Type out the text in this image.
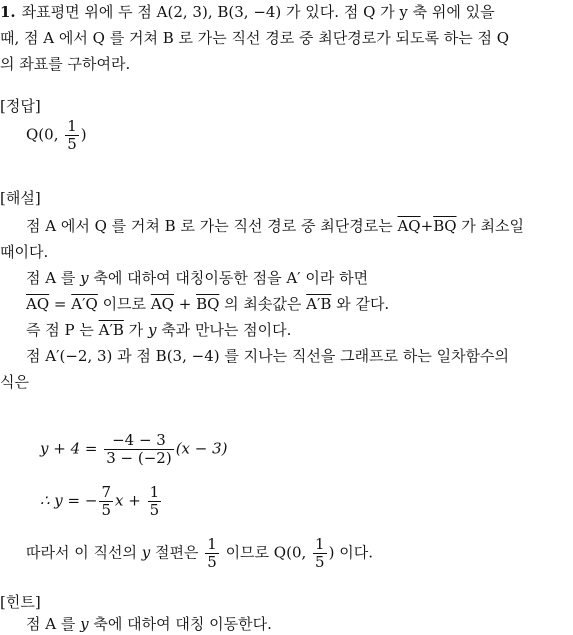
1. 좌표평면 위에 두 점 A(2, 3), B(3, −4) 가 있다. 점 Q 가 y 축 위에 있을
때, 점 A 에서 Q 를 거쳐 B 로 가는 직선 경로 중 최단경로가 되도록 하는 점 Q
의 좌표를 구하여라.
[정답]
Q(0, $\frac{1}{5}$ )
[해설]
점 A 에서 Q 를 거쳐 B 로 가는 직선 경로 중 최단경로는 $\overline{AQ}+\overline{BQ}$ 가 최소일
때이다.
점 A 를 y 축에 대하여 대칭이동한 점을 A′ 이라 하면
$\overline{AQ} = A'Q$ 이므로 $\overline{AQ} + \overline{BQ}$ 의 최솟값은 A′B 와 같다.
즉 점 P 는 A′B 가 y 축과 만나는 점이다.
점 A′(−2, 3) 과 점 B(3, −4) 를 지나는 직선을 그래프로 하는 일차함수의
식은
$y + 4 = \frac{-4 - 3}{3 - (-2)} (x - 3)$
∴ y = − $\frac{7}{5}$ $x + \frac{1}{5}$
따라서 이 직선의 y 절편은 $\frac{1}{5}$ 이므로 Q(0, $\frac{1}{5}$ ) 이다.
[힌트]
점 A 를 y 축에 대하여 대칭 이동한다.
